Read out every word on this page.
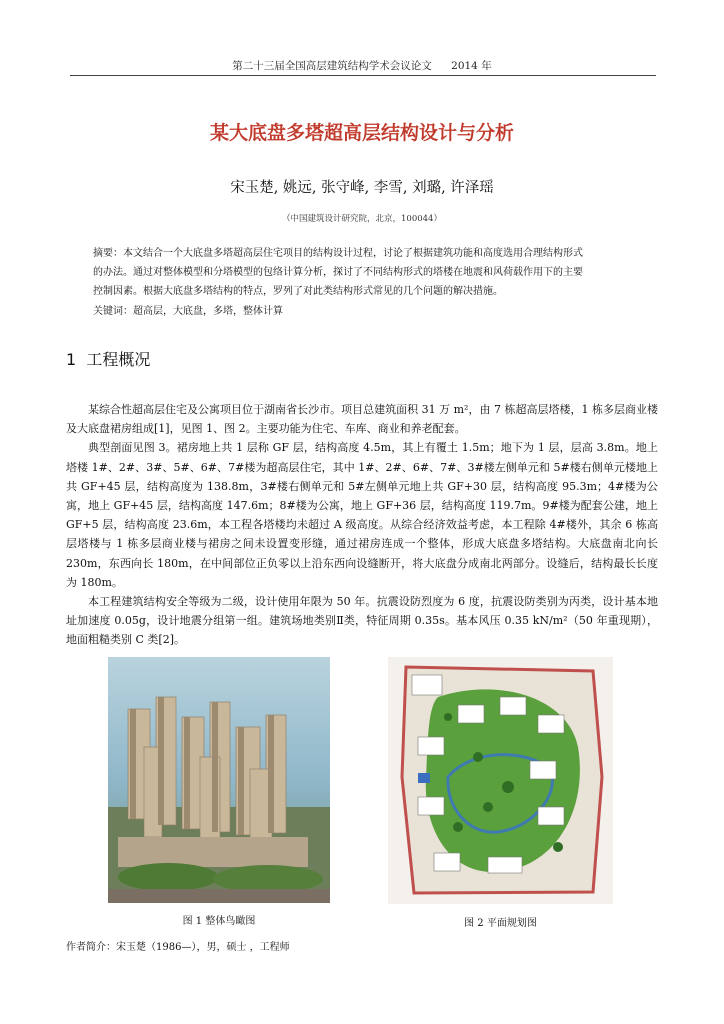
第二十三届全国高层建筑结构学术会议论文 2014 年
某大底盘多塔超高层结构设计与分析
宋玉楚, 姚远, 张守峰, 李雪, 刘璐, 许泽瑶
（中国建筑设计研究院，北京，100044）

摘要：本文结合一个大底盘多塔超高层住宅项目的结构设计过程，讨论了根据建筑功能和高度选用合理结构形式

的办法。通过对整体模型和分塔模型的包络计算分析，探讨了不同结构形式的塔楼在地震和风荷载作用下的主要

控制因素。根据大底盘多塔结构的特点，罗列了对此类结构形式常见的几个问题的解决措施。

关键词：超高层，大底盘，多塔，整体计算
1 工程概况

某综合性超高层住宅及公寓项目位于湖南省长沙市。项目总建筑面积 31 万 m²，由 7 栋超高层塔楼，1 栋多层商业楼及大底盘裙房组成[1]，见图 1、图 2。主要功能为住宅、车库、商业和养老配套。

典型剖面见图 3。裙房地上共 1 层称 GF 层，结构高度 4.5m，其上有覆土 1.5m；地下为 1 层，层高 3.8m。地上塔楼 1#、2#、3#、5#、6#、7#楼为超高层住宅，其中 1#、2#、6#、7#、3#楼左侧单元和 5#楼右侧单元楼地上共 GF+45 层，结构高度为 138.8m，3#楼右侧单元和 5#左侧单元地上共 GF+30 层，结构高度 95.3m；4#楼为公寓，地上 GF+45 层，结构高度 147.6m；8#楼为公寓，地上 GF+36 层，结构高度 119.7m。9#楼为配套公建，地上 GF+5 层，结构高度 23.6m，本工程各塔楼均未超过 A 级高度。从综合经济效益考虑，本工程除 4#楼外，其余 6 栋高层塔楼与 1 栋多层商业楼与裙房之间未设置变形缝，通过裙房连成一个整体，形成大底盘多塔结构。大底盘南北向长 230m，东西向长 180m，在中间部位正负零以上沿东西向设缝断开，将大底盘分成南北两部分。设缝后，结构最长长度为 180m。

本工程建筑结构安全等级为二级，设计使用年限为 50 年。抗震设防烈度为 6 度，抗震设防类别为丙类，设计基本地址加速度 0.05g，设计地震分组第一组。建筑场地类别Ⅱ类，特征周期 0.35s。基本风压 0.35 kN/m²（50 年重现期），地面粗糙类别 C 类[2]。

图 1 整体鸟瞰图	图 2 平面规划图
作者简介：宋玉楚（1986—），男，硕士 ，工程师
